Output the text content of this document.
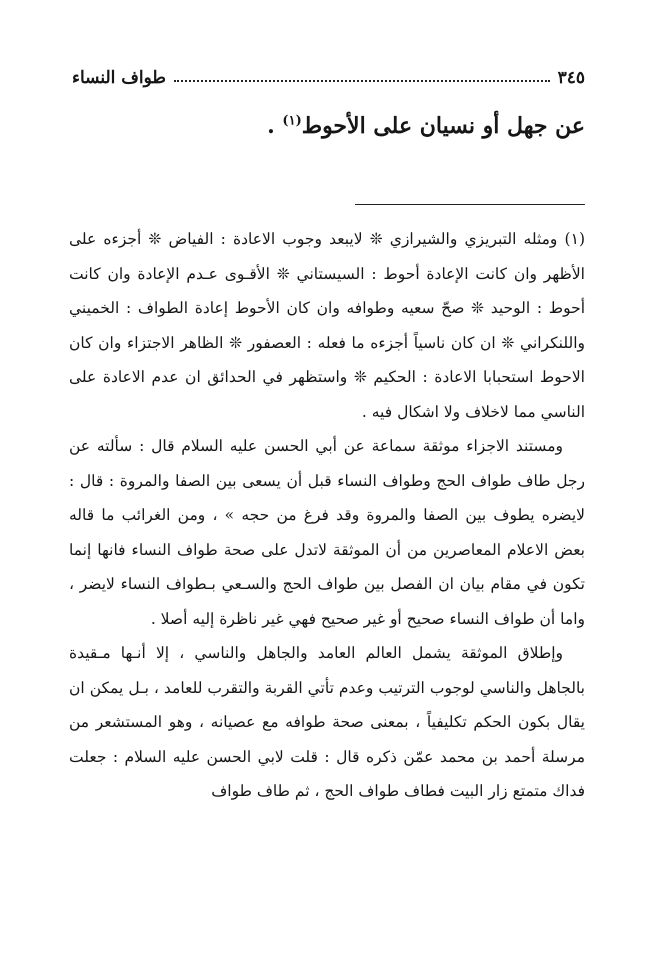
طواف النساء	٣٤٥
عن جهل أو نسيان على الأحوط$^{(١)}$ .

(١) ومثله التبريزي والشيرازي ❊ لايبعد وجوب الاعادة : الفياض ❊ أجزءه على الأظهر وان كانت الإعادة أحوط : السيستاني ❊ الأقـوى عـدم الإعادة وان كانت أحوط : الوحيد ❊ صحّ سعيه وطوافه وان كان الأحوط إعادة الطواف : الخميني واللنكراني ❊ ان كان ناسياً أجزءه ما فعله : العصفور ❊ الظاهر الاجتزاء وان كان الاحوط استحبابا الاعادة : الحكيم ❊ واستظهر في الحدائق ان عدم الاعادة على الناسي مما لاخلاف ولا اشكال فيه .

ومستند الاجزاء موثقة سماعة عن أبي الحسن عليه السلام قال : سألته عن رجل طاف طواف الحج وطواف النساء قبل أن يسعى بين الصفا والمروة : قال : لايضره يطوف بين الصفا والمروة وقد فرغ من حجه » ، ومن الغرائب ما قاله بعض الاعلام المعاصرين من أن الموثقة لاتدل على صحة طواف النساء فانها إنما تكون في مقام بيان ان الفصل بين طواف الحج والسـعي بـطواف النساء لايضر ، واما أن طواف النساء صحيح أو غير صحيح فهي غير ناظرة إليه أصلا .

وإطلاق الموثقة يشمل العالم العامد والجاهل والناسي ، إلا أنـها مـقيدة بالجاهل والناسي لوجوب الترتيب وعدم تأتي القربة والتقرب للعامد ، بـل يمكن ان يقال بكون الحكم تكليفياً ، بمعنى صحة طوافه مع عصيانه ، وهو المستشعر من مرسلة أحمد بن محمد عمّن ذكره قال : قلت لابي الحسن عليه السلام : جعلت فداك متمتع زار البيت فطاف طواف الحج ، ثم طاف طواف
